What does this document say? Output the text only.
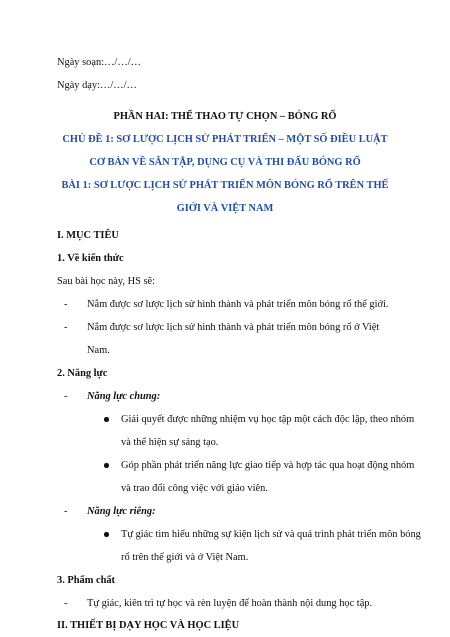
Ngày soạn:…/…/…
Ngày dạy:…/…/…
PHẦN HAI: THỂ THAO TỰ CHỌN – BÓNG RỔ
CHỦ ĐỀ 1: SƠ LƯỢC LỊCH SỬ PHÁT TRIỂN – MỘT SỐ ĐIỀU LUẬT
CƠ BẢN VỀ SÂN TẬP, DỤNG CỤ VÀ THI ĐẤU BÓNG RỔ
BÀI 1: SƠ LƯỢC LỊCH SỬ PHÁT TRIỂN MÔN BÓNG RỔ TRÊN THẾ
GIỚI VÀ VIỆT NAM
I. MỤC TIÊU
1. Về kiến thức
Sau bài học này, HS sẽ:
- Nắm được sơ lược lịch sử hình thành và phát triển môn bóng rổ thế giới.
- Nắm được sơ lược lịch sử hình thành và phát triển môn bóng rổ ở Việt
Nam.
2. Năng lực
- Năng lực chung:
Giải quyết được những nhiệm vụ học tập một cách độc lập, theo nhóm
và thể hiện sự sáng tạo.
Góp phần phát triển năng lực giao tiếp và hợp tác qua hoạt động nhóm
và trao đổi công việc với giáo viên.
- Năng lực riêng:
Tự giác tìm hiểu những sự kiện lịch sử và quá trình phát triển môn bóng
rổ trên thế giới và ở Việt Nam.
3. Phẩm chất
- Tự giác, kiên trì tự học và rèn luyện để hoàn thành nội dung học tập.
II. THIẾT BỊ DẠY HỌC VÀ HỌC LIỆU
